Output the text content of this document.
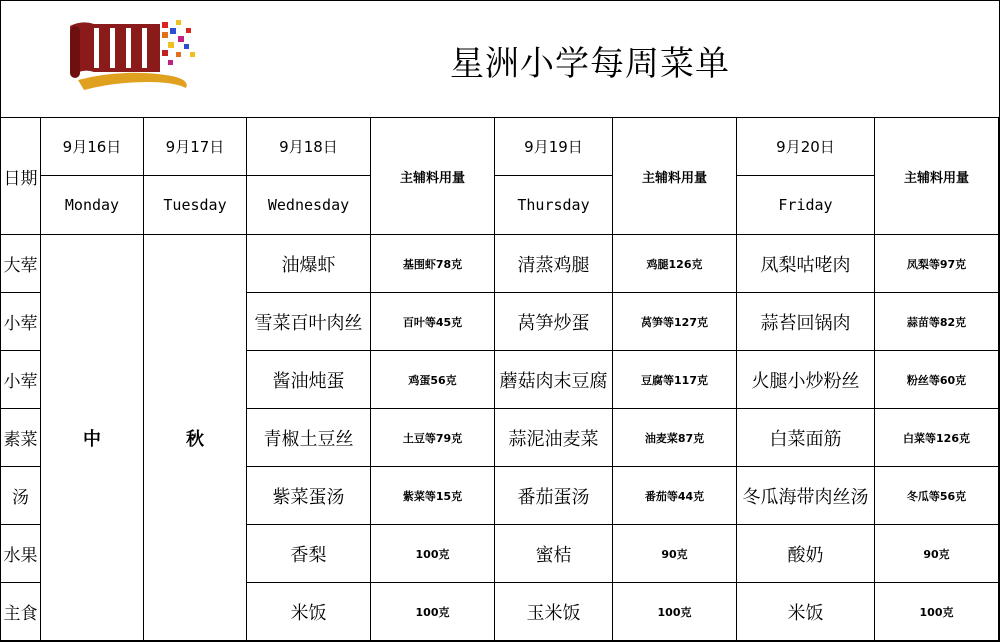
星洲小学每周菜单
日期	9月16日	9月17日	9月18日	主辅料用量	9月19日	主辅料用量	9月20日	主辅料用量
	Monday	Tuesday	Wednesday		Thursday		Friday	
大荤	中	秋	油爆虾	基围虾78克	清蒸鸡腿	鸡腿126克	凤梨咕咾肉	凤梨等97克
小荤			雪菜百叶肉丝	百叶等45克	莴笋炒蛋	莴笋等127克	蒜苔回锅肉	蒜苗等82克
小荤			酱油炖蛋	鸡蛋56克	蘑菇肉末豆腐	豆腐等117克	火腿小炒粉丝	粉丝等60克
素菜			青椒土豆丝	土豆等79克	蒜泥油麦菜	油麦菜87克	白菜面筋	白菜等126克
汤			紫菜蛋汤	紫菜等15克	番茄蛋汤	番茄等44克	冬瓜海带肉丝汤	冬瓜等56克
水果			香梨	100克	蜜桔	90克	酸奶	90克
主食			米饭	100克	玉米饭	100克	米饭	100克
